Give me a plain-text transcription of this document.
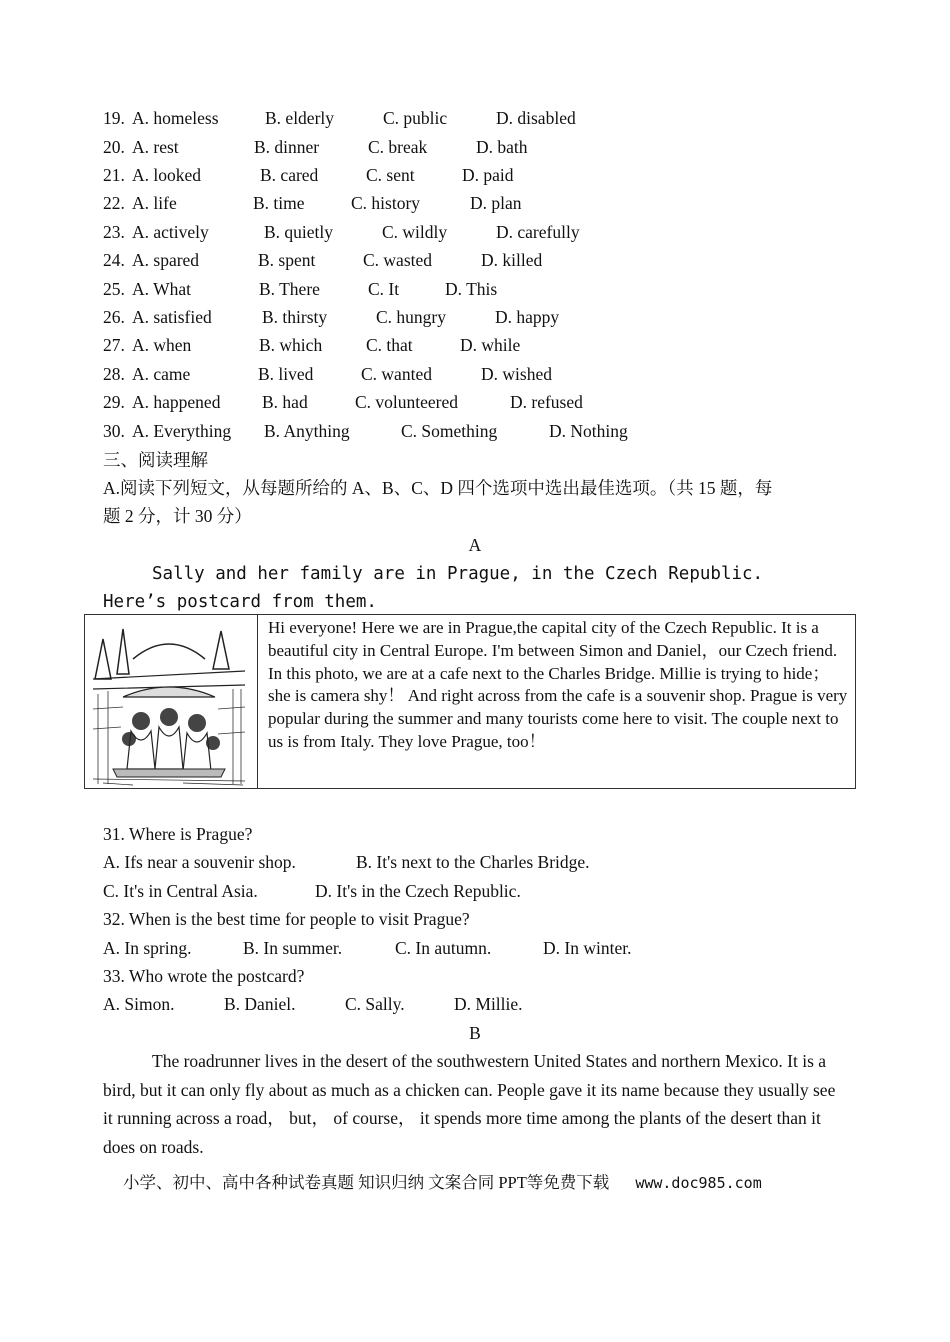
19. A. homeless	B. elderly	C. public	D. disabled
20. A. rest	B. dinner	C. break	D. bath
21. A. looked	B. cared	C. sent	D. paid
22. A. life	B. time	C. history	D. plan
23. A. actively	B. quietly	C. wildly	D. carefully
24. A. spared	B. spent	C. wasted	D. killed
25. A. What	B. There	C. It	D. This
26. A. satisfied	B. thirsty	C. hungry	D. happy
27. A. when	B. which	C. that	D. while
28. A. came	B. lived	C. wanted	D. wished
29. A. happened B. had	C. volunteered	D. refused
30. A. Everything B. Anything	C. Something	D. Nothing
三、阅读理解
A.阅读下列短文，从每题所给的 A、B、C、D 四个选项中选出最佳选项。（共 15 题，每
题 2 分，计 30 分）
A
Sally and her family are in Prague, in the Czech Republic.
Here’s postcard from them.
Hi everyone! Here we are in Prague,the capital city of the Czech Republic. It is a beautiful city in Central Europe. I'm between Simon and Daniel，our Czech friend. In this photo, we are at a cafe next to the Charles Bridge. Millie is trying to hide； she is camera shy！ And right across from the cafe is a souvenir shop. Prague is very popular during the summer and many tourists come here to visit. The couple next to us is from Italy. They love Prague, too！
31. Where is Prague?
A. Ifs near a souvenir shop.	B. It's next to the Charles Bridge.
C. It's in Central Asia.	D. It's in the Czech Republic.
32. When is the best time for people to visit Prague?
A. In spring.	B. In summer.	C. In autumn.	D. In winter.
33. Who wrote the postcard?
A. Simon.	B. Daniel.	C. Sally.	D. Millie.
B
The roadrunner lives in the desert of the southwestern United States and northern Mexico. It is a bird, but it can only fly about as much as a chicken can. People gave it its name because they usually see it running across a road， but， of course， it spends more time among the plants of the desert than it does on roads.
小学、初中、高中各种试卷真题 知识归纳 文案合同 PPT等免费下载 www.doc985.com
